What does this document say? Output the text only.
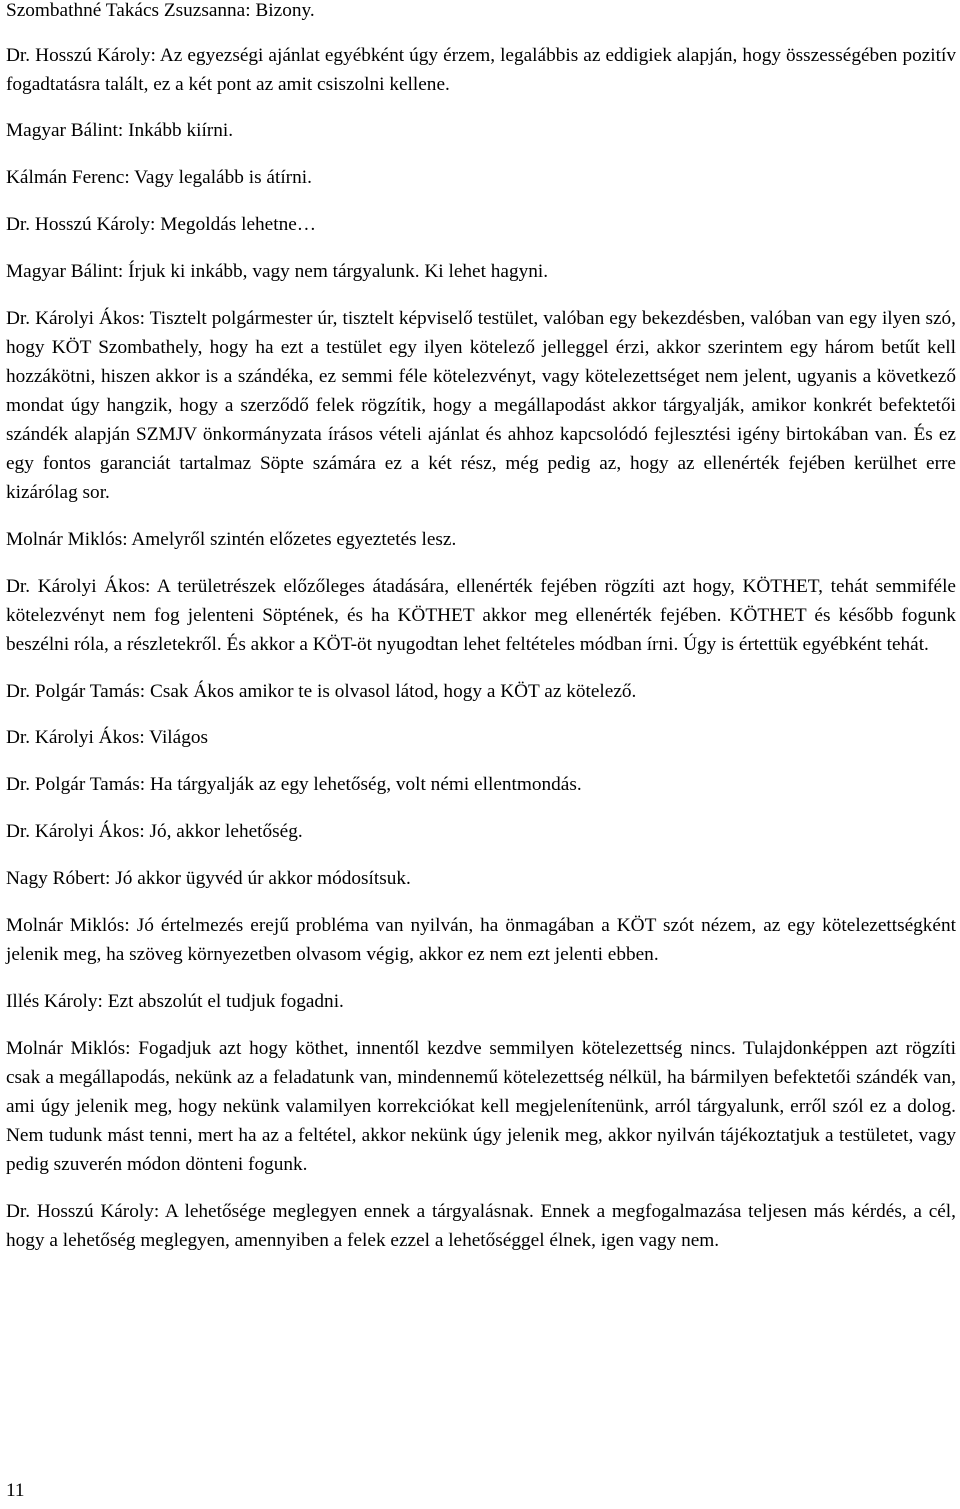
Szombathné Takács Zsuzsanna: Bizony.

Dr. Hosszú Károly: Az egyezségi ajánlat egyébként úgy érzem, legalábbis az eddigiek alapján, hogy összességében pozitív fogadtatásra talált, ez a két pont az amit csiszolni kellene.

Magyar Bálint: Inkább kiírni.

Kálmán Ferenc: Vagy legalább is átírni.

Dr. Hosszú Károly: Megoldás lehetne…

Magyar Bálint: Írjuk ki inkább, vagy nem tárgyalunk. Ki lehet hagyni.

Dr. Károlyi Ákos: Tisztelt polgármester úr, tisztelt képviselő testület, valóban egy bekezdésben, valóban van egy ilyen szó, hogy KÖT Szombathely, hogy ha ezt a testület egy ilyen kötelező jelleggel érzi, akkor szerintem egy három betűt kell hozzákötni, hiszen akkor is a szándéka, ez semmi féle kötelezvényt, vagy kötelezettséget nem jelent, ugyanis a következő mondat úgy hangzik, hogy a szerződő felek rögzítik, hogy a megállapodást akkor tárgyalják, amikor konkrét befektetői szándék alapján SZMJV önkormányzata írásos vételi ajánlat és ahhoz kapcsolódó fejlesztési igény birtokában van. És ez egy fontos garanciát tartalmaz Söpte számára ez a két rész, még pedig az, hogy az ellenérték fejében kerülhet erre kizárólag sor.

Molnár Miklós: Amelyről szintén előzetes egyeztetés lesz.

Dr. Károlyi Ákos: A területrészek előzőleges átadására, ellenérték fejében rögzíti azt hogy, KÖTHET, tehát semmiféle kötelezvényt nem fog jelenteni Söptének, és ha KÖTHET akkor meg ellenérték fejében. KÖTHET és később fogunk beszélni róla, a részletekről. És akkor a KÖT-öt nyugodtan lehet feltételes módban írni. Úgy is értettük egyébként tehát.

Dr. Polgár Tamás: Csak Ákos amikor te is olvasol látod, hogy a KÖT az kötelező.

Dr. Károlyi Ákos: Világos

Dr. Polgár Tamás: Ha tárgyalják az egy lehetőség, volt némi ellentmondás.

Dr. Károlyi Ákos: Jó, akkor lehetőség.

Nagy Róbert: Jó akkor ügyvéd úr akkor módosítsuk.

Molnár Miklós: Jó értelmezés erejű probléma van nyilván, ha önmagában a KÖT szót nézem, az egy kötelezettségként jelenik meg, ha szöveg környezetben olvasom végig, akkor ez nem ezt jelenti ebben.

Illés Károly: Ezt abszolút el tudjuk fogadni.

Molnár Miklós: Fogadjuk azt hogy köthet, innentől kezdve semmilyen kötelezettség nincs. Tulajdonképpen azt rögzíti csak a megállapodás, nekünk az a feladatunk van, mindennemű kötelezettség nélkül, ha bármilyen befektetői szándék van, ami úgy jelenik meg, hogy nekünk valamilyen korrekciókat kell megjelenítenünk, arról tárgyalunk, erről szól ez a dolog. Nem tudunk mást tenni, mert ha az a feltétel, akkor nekünk úgy jelenik meg, akkor nyilván tájékoztatjuk a testületet, vagy pedig szuverén módon dönteni fogunk.

Dr. Hosszú Károly: A lehetősége meglegyen ennek a tárgyalásnak. Ennek a megfogalmazása teljesen más kérdés, a cél, hogy a lehetőség meglegyen, amennyiben a felek ezzel a lehetőséggel élnek, igen vagy nem.

11
